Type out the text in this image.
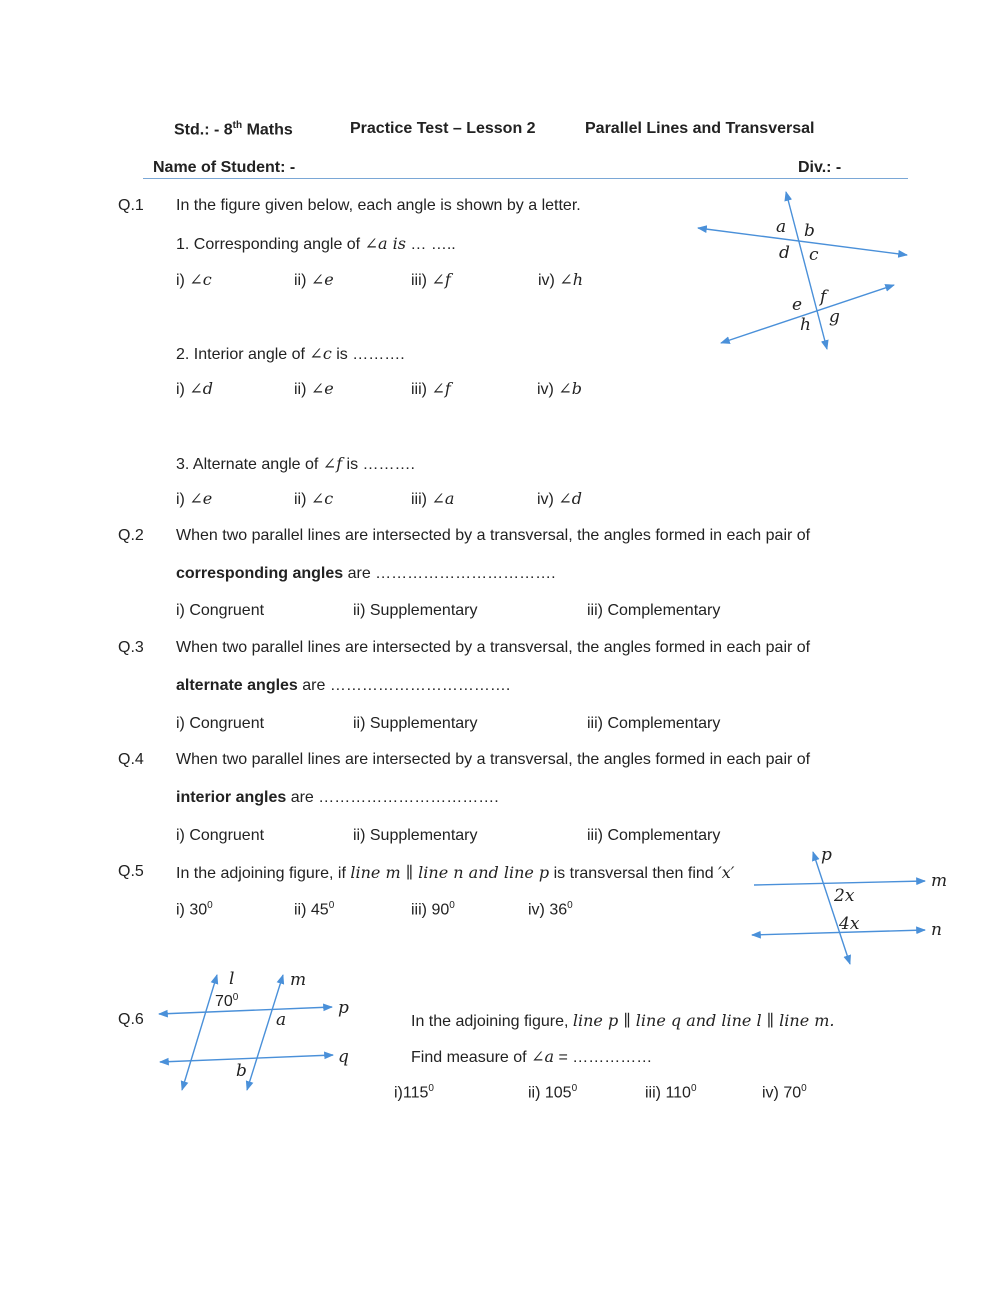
Std.: - 8th Maths	Practice Test – Lesson 2	Parallel Lines and Transversal
Name of Student: -	Div.: -
Q.1 In the figure given below, each angle is shown by a letter.
1. Corresponding angle of ∠a is … …..
i) ∠c	ii) ∠e	iii) ∠f	iv) ∠h
2. Interior angle of ∠c is ……….
i) ∠d	ii) ∠e	iii) ∠f	iv) ∠b
3. Alternate angle of ∠f is ……….
i) ∠e	ii) ∠c	iii) ∠a	iv) ∠d
Q.2 When two parallel lines are intersected by a transversal, the angles formed in each pair of
corresponding angles are …………………………….
i) Congruent	ii) Supplementary	iii) Complementary
Q.3 When two parallel lines are intersected by a transversal, the angles formed in each pair of
alternate angles are …………………………….
i) Congruent	ii) Supplementary	iii) Complementary
Q.4 When two parallel lines are intersected by a transversal, the angles formed in each pair of
interior angles are …………………………….
i) Congruent	ii) Supplementary	iii) Complementary
Q.5 In the adjoining figure, if line m ∥ line n and line p is transversal then find ′x′
i) $30^0$	ii) $45^0$	iii) $90^0$	iv) $36^0$
Q.6	In the adjoining figure, line p ∥ line q and line l ∥ line m.
Find measure of ∠a = ……………
$i)115^0$	ii) $105^0$	iii) $110^0$	iv) $70^0$
a b
d c
e f
h g
p
m
n
2x
4x
l	m
p
q
a
b
$70^0$
